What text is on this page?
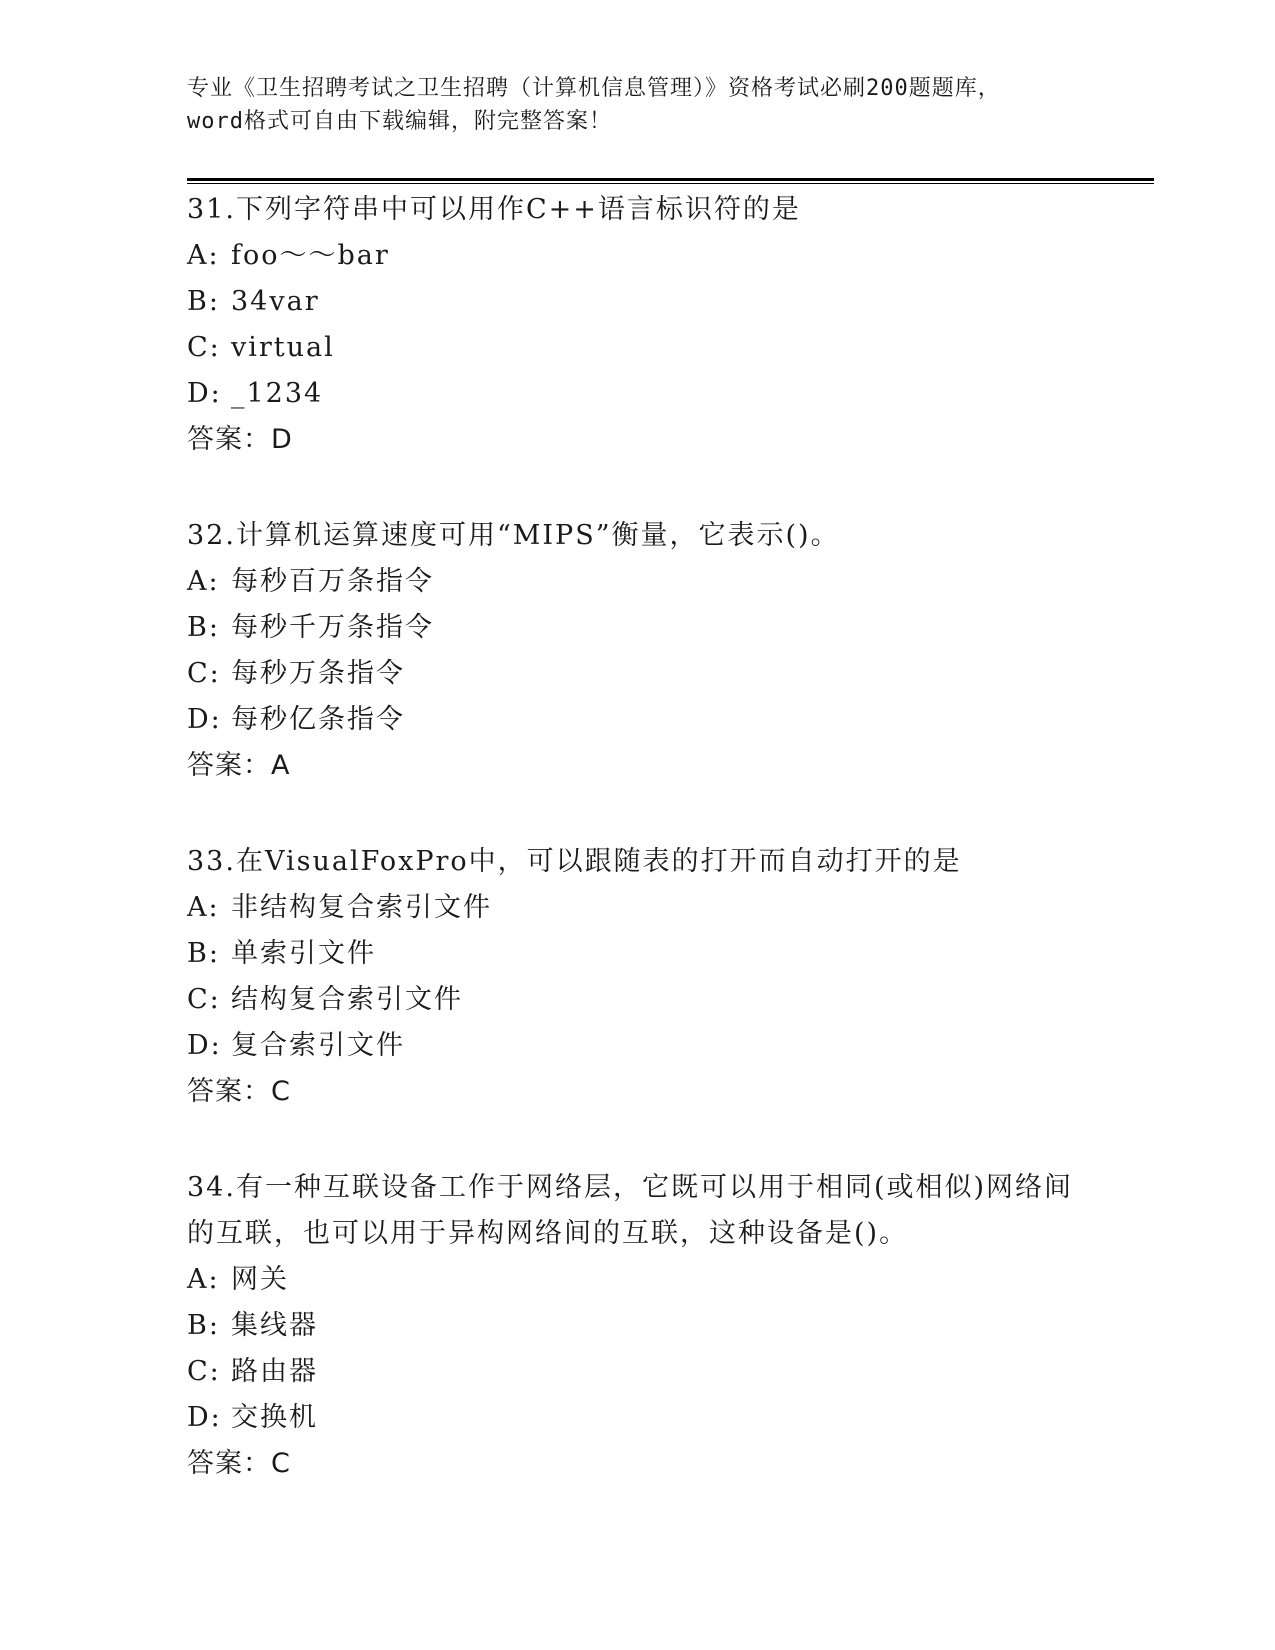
专业《卫生招聘考试之卫生招聘（计算机信息管理）》资格考试必刷200题题库，
word格式可自由下载编辑，附完整答案！
31.下列字符串中可以用作C++语言标识符的是
A: foo～～bar
B: 34var
C: virtual
D: _1234
答案：D
32.计算机运算速度可用“MIPS”衡量，它表示()。
A: 每秒百万条指令
B: 每秒千万条指令
C: 每秒万条指令
D: 每秒亿条指令
答案：A
33.在VisualFoxPro中，可以跟随表的打开而自动打开的是
A: 非结构复合索引文件
B: 单索引文件
C: 结构复合索引文件
D: 复合索引文件
答案：C
34.有一种互联设备工作于网络层，它既可以用于相同(或相似)网络间
的互联，也可以用于异构网络间的互联，这种设备是()。
A: 网关
B: 集线器
C: 路由器
D: 交换机
答案：C
